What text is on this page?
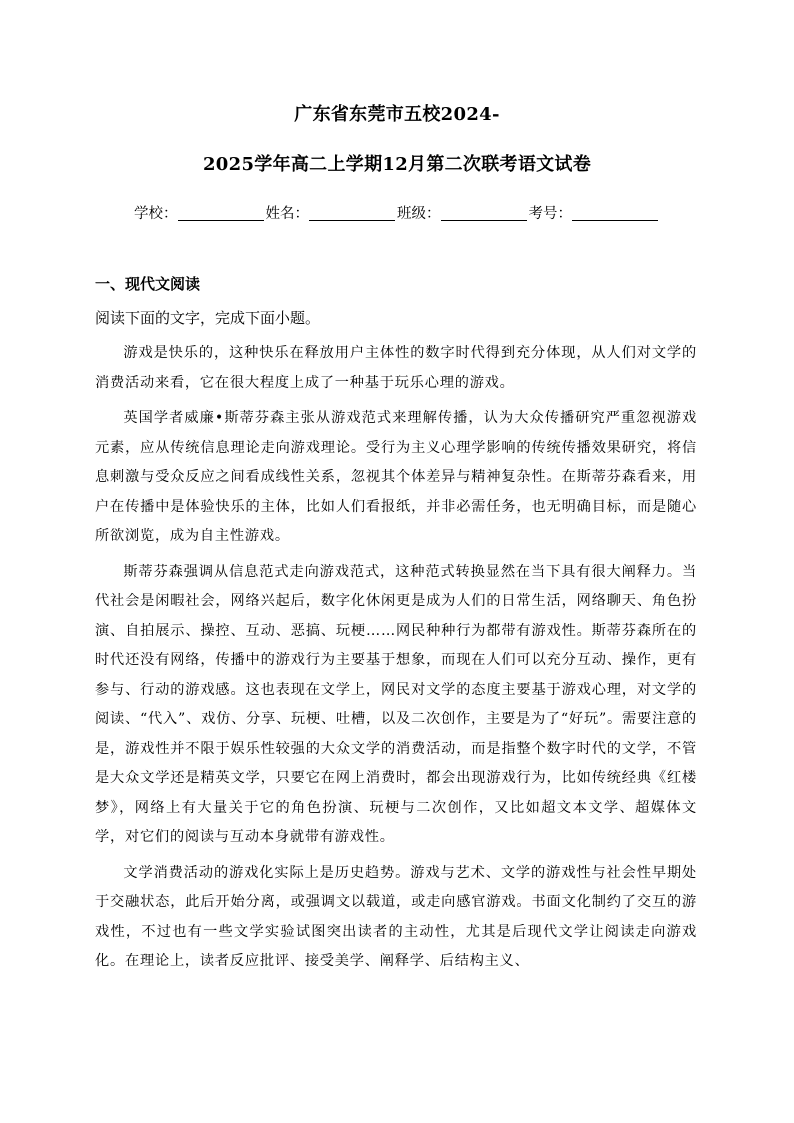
广东省东莞市五校2024-
2025学年高二上学期12月第二次联考语文试卷
学校：	姓名：	班级：	考号：
一、现代文阅读
阅读下面的文字，完成下面小题。

游戏是快乐的，这种快乐在释放用户主体性的数字时代得到充分体现，从人们对文学的消费活动来看，它在很大程度上成了一种基于玩乐心理的游戏。

英国学者威廉•斯蒂芬森主张从游戏范式来理解传播，认为大众传播研究严重忽视游戏元素，应从传统信息理论走向游戏理论。受行为主义心理学影响的传统传播效果研究，将信息刺激与受众反应之间看成线性关系，忽视其个体差异与精神复杂性。在斯蒂芬森看来，用户在传播中是体验快乐的主体，比如人们看报纸，并非必需任务，也无明确目标，而是随心所欲浏览，成为自主性游戏。

斯蒂芬森强调从信息范式走向游戏范式，这种范式转换显然在当下具有很大阐释力。当代社会是闲暇社会，网络兴起后，数字化休闲更是成为人们的日常生活，网络聊天、角色扮演、自拍展示、操控、互动、恶搞、玩梗……网民种种行为都带有游戏性。斯蒂芬森所在的时代还没有网络，传播中的游戏行为主要基于想象，而现在人们可以充分互动、操作，更有参与、行动的游戏感。这也表现在文学上，网民对文学的态度主要基于游戏心理，对文学的阅读、“代入”、戏仿、分享、玩梗、吐槽，以及二次创作，主要是为了“好玩”。需要注意的是，游戏性并不限于娱乐性较强的大众文学的消费活动，而是指整个数字时代的文学，不管是大众文学还是精英文学，只要它在网上消费时，都会出现游戏行为，比如传统经典《红楼梦》，网络上有大量关于它的角色扮演、玩梗与二次创作，又比如超文本文学、超媒体文学，对它们的阅读与互动本身就带有游戏性。

文学消费活动的游戏化实际上是历史趋势。游戏与艺术、文学的游戏性与社会性早期处于交融状态，此后开始分离，或强调文以载道，或走向感官游戏。书面文化制约了交互的游戏性，不过也有一些文学实验试图突出读者的主动性，尤其是后现代文学让阅读走向游戏化。在理论上，读者反应批评、接受美学、阐释学、后结构主义、
